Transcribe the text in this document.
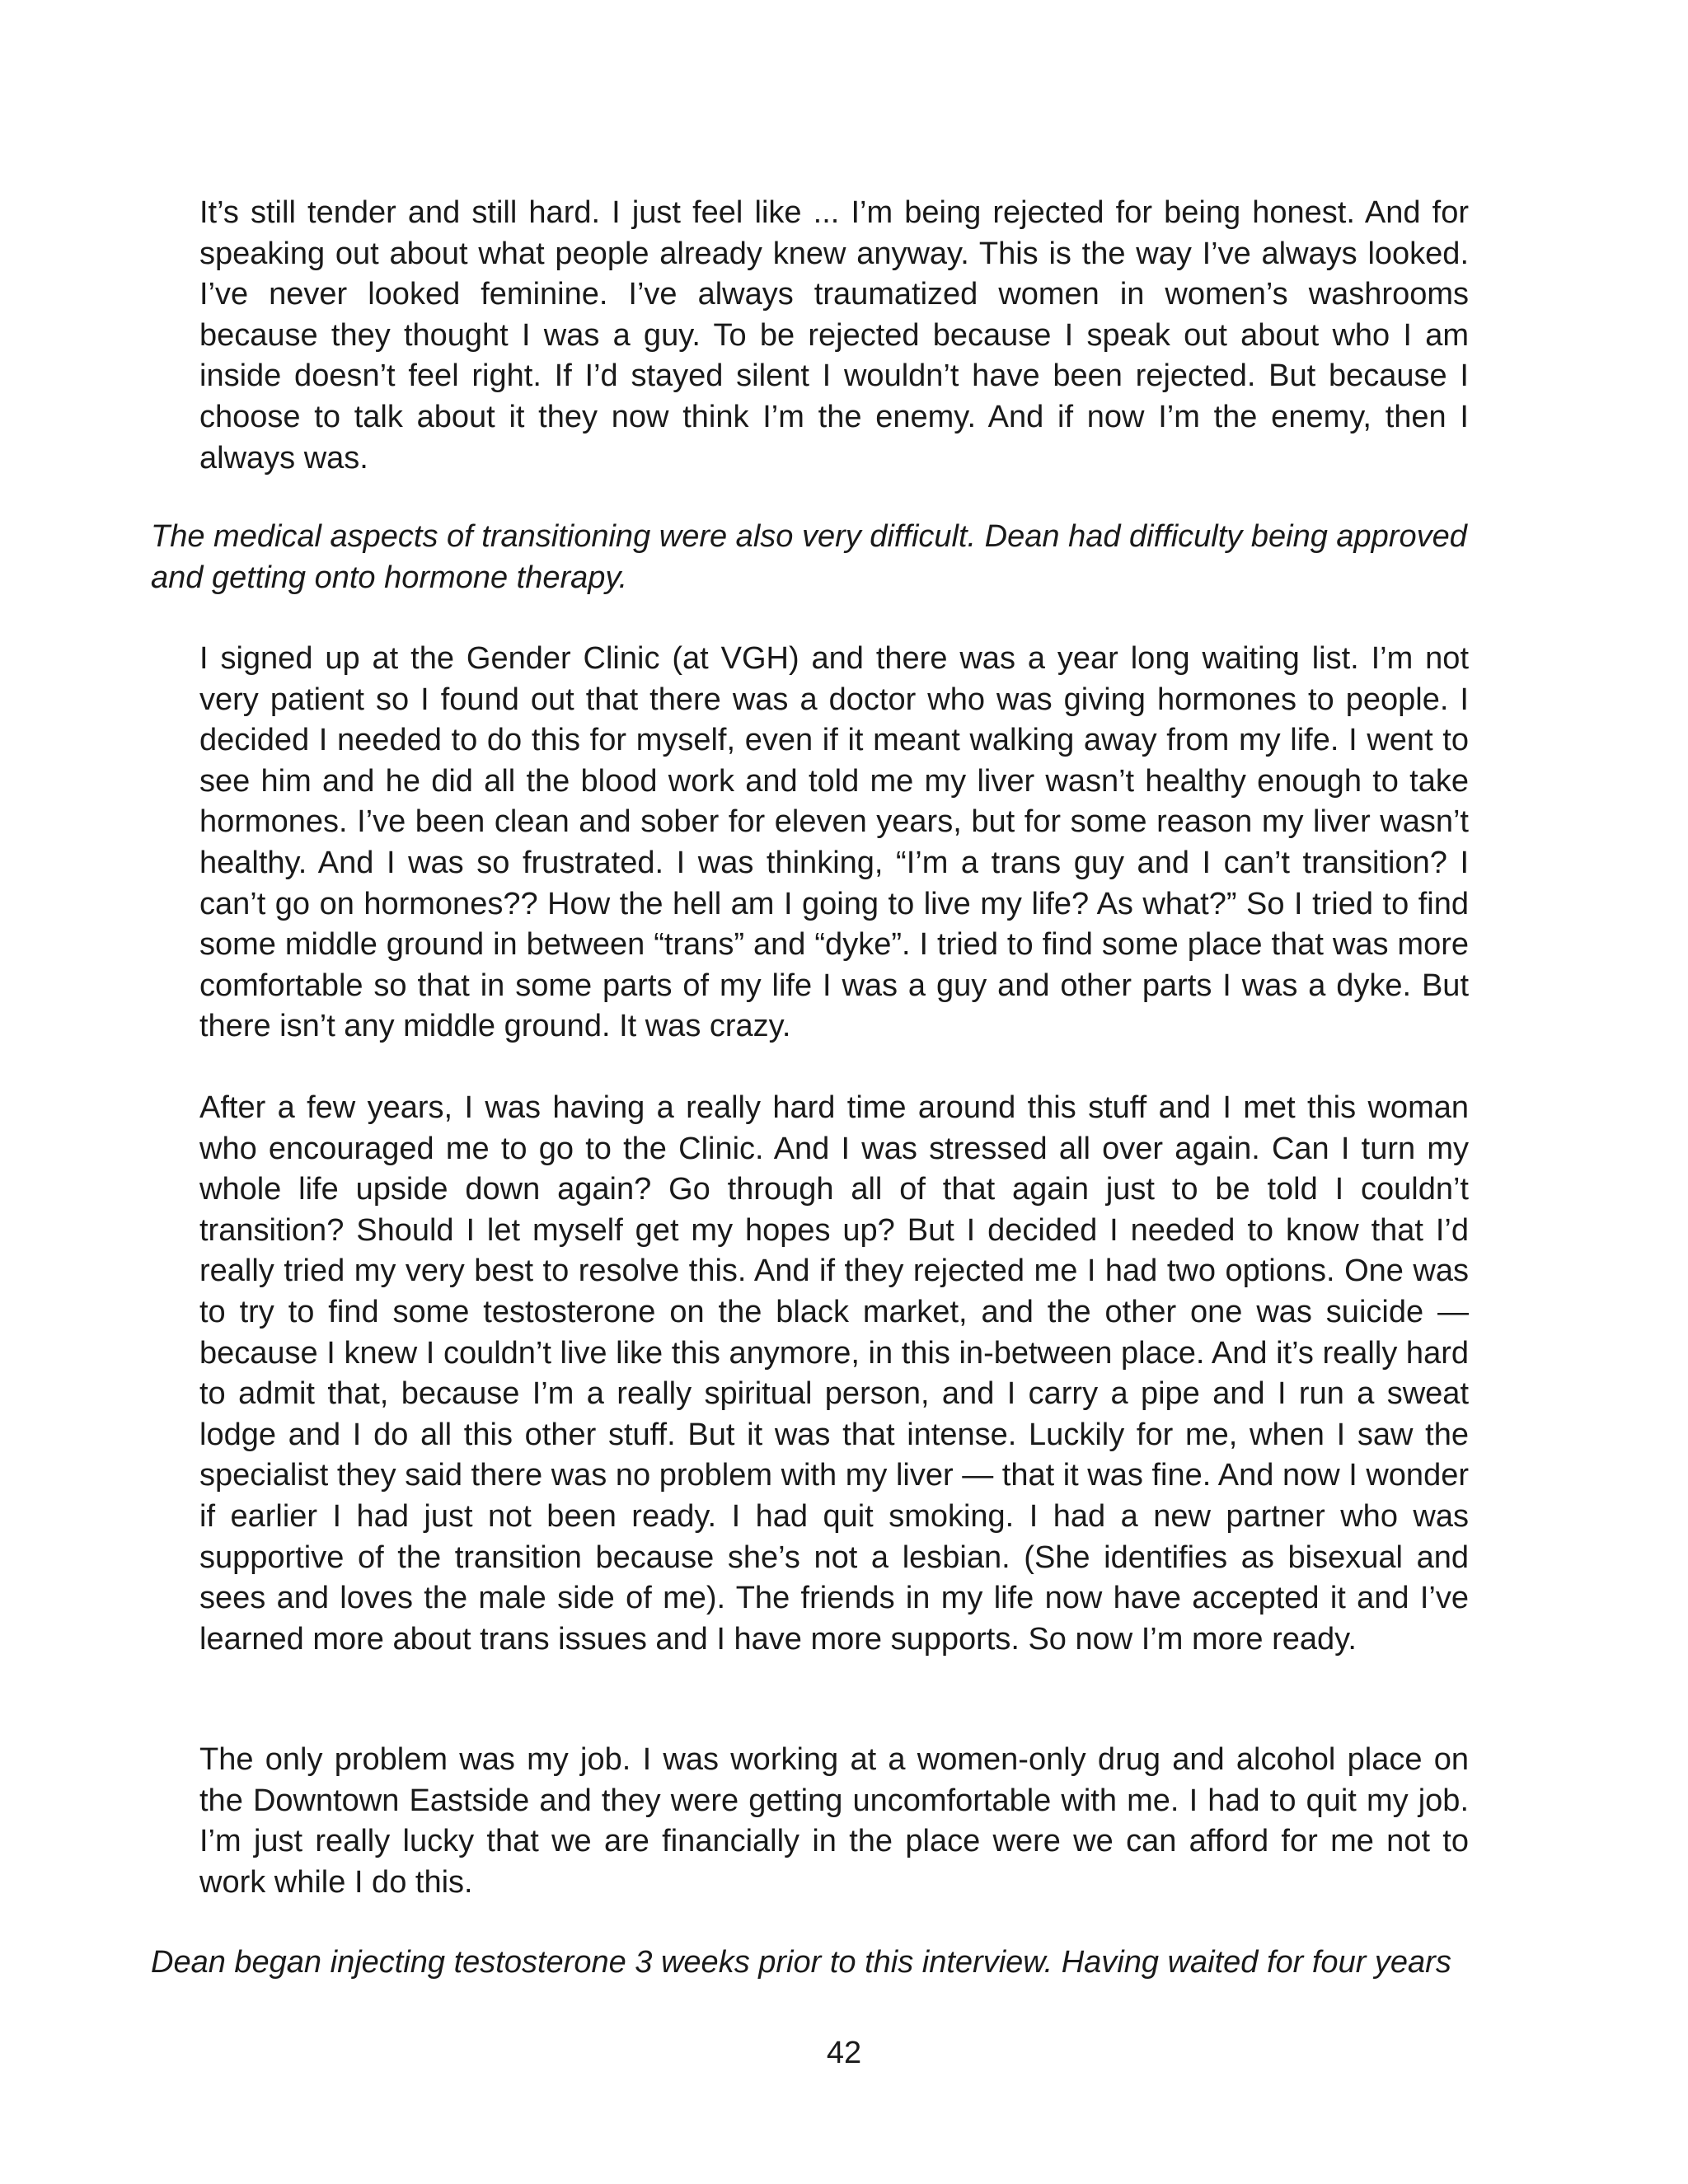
It’s still tender and still hard. I just feel like ... I’m being rejected for being honest. And for speaking out about what people already knew anyway. This is the way I’ve always looked. I’ve never looked feminine. I’ve always traumatized women in women’s washrooms because they thought I was a guy. To be rejected because I speak out about who I am inside doesn’t feel right. If I’d stayed silent I wouldn’t have been rejected. But because I choose to talk about it they now think I’m the enemy. And if now I’m the enemy, then I always was.

The medical aspects of transitioning were also very difficult. Dean had difficulty being approved and getting onto hormone therapy.

I signed up at the Gender Clinic (at VGH) and there was a year long waiting list. I’m not very patient so I found out that there was a doctor who was giving hormones to people. I decided I needed to do this for myself, even if it meant walking away from my life. I went to see him and he did all the blood work and told me my liver wasn’t healthy enough to take hormones. I’ve been clean and sober for eleven years, but for some reason my liver wasn’t healthy. And I was so frustrated. I was thinking, “I’m a trans guy and I can’t transition? I can’t go on hormones?? How the hell am I going to live my life? As what?” So I tried to find some middle ground in between “trans” and “dyke”. I tried to find some place that was more comfortable so that in some parts of my life I was a guy and other parts I was a dyke. But there isn’t any middle ground. It was crazy.

After a few years, I was having a really hard time around this stuff and I met this woman who encouraged me to go to the Clinic. And I was stressed all over again. Can I turn my whole life upside down again? Go through all of that again just to be told I couldn’t transition? Should I let myself get my hopes up? But I decided I needed to know that I’d really tried my very best to resolve this. And if they rejected me I had two options. One was to try to find some testosterone on the black market, and the other one was suicide — because I knew I couldn’t live like this anymore, in this in-between place. And it’s really hard to admit that, because I’m a really spiritual person, and I carry a pipe and I run a sweat lodge and I do all this other stuff. But it was that intense. Luckily for me, when I saw the specialist they said there was no problem with my liver — that it was fine. And now I wonder if earlier I had just not been ready. I had quit smoking. I had a new partner who was supportive of the transition because she’s not a lesbian. (She identifies as bisexual and sees and loves the male side of me). The friends in my life now have accepted it and I’ve learned more about trans issues and I have more supports. So now I’m more ready.

The only problem was my job. I was working at a women-only drug and alcohol place on the Downtown Eastside and they were getting uncomfortable with me. I had to quit my job. I’m just really lucky that we are financially in the place were we can afford for me not to work while I do this.

Dean began injecting testosterone 3 weeks prior to this interview. Having waited for four years

42
